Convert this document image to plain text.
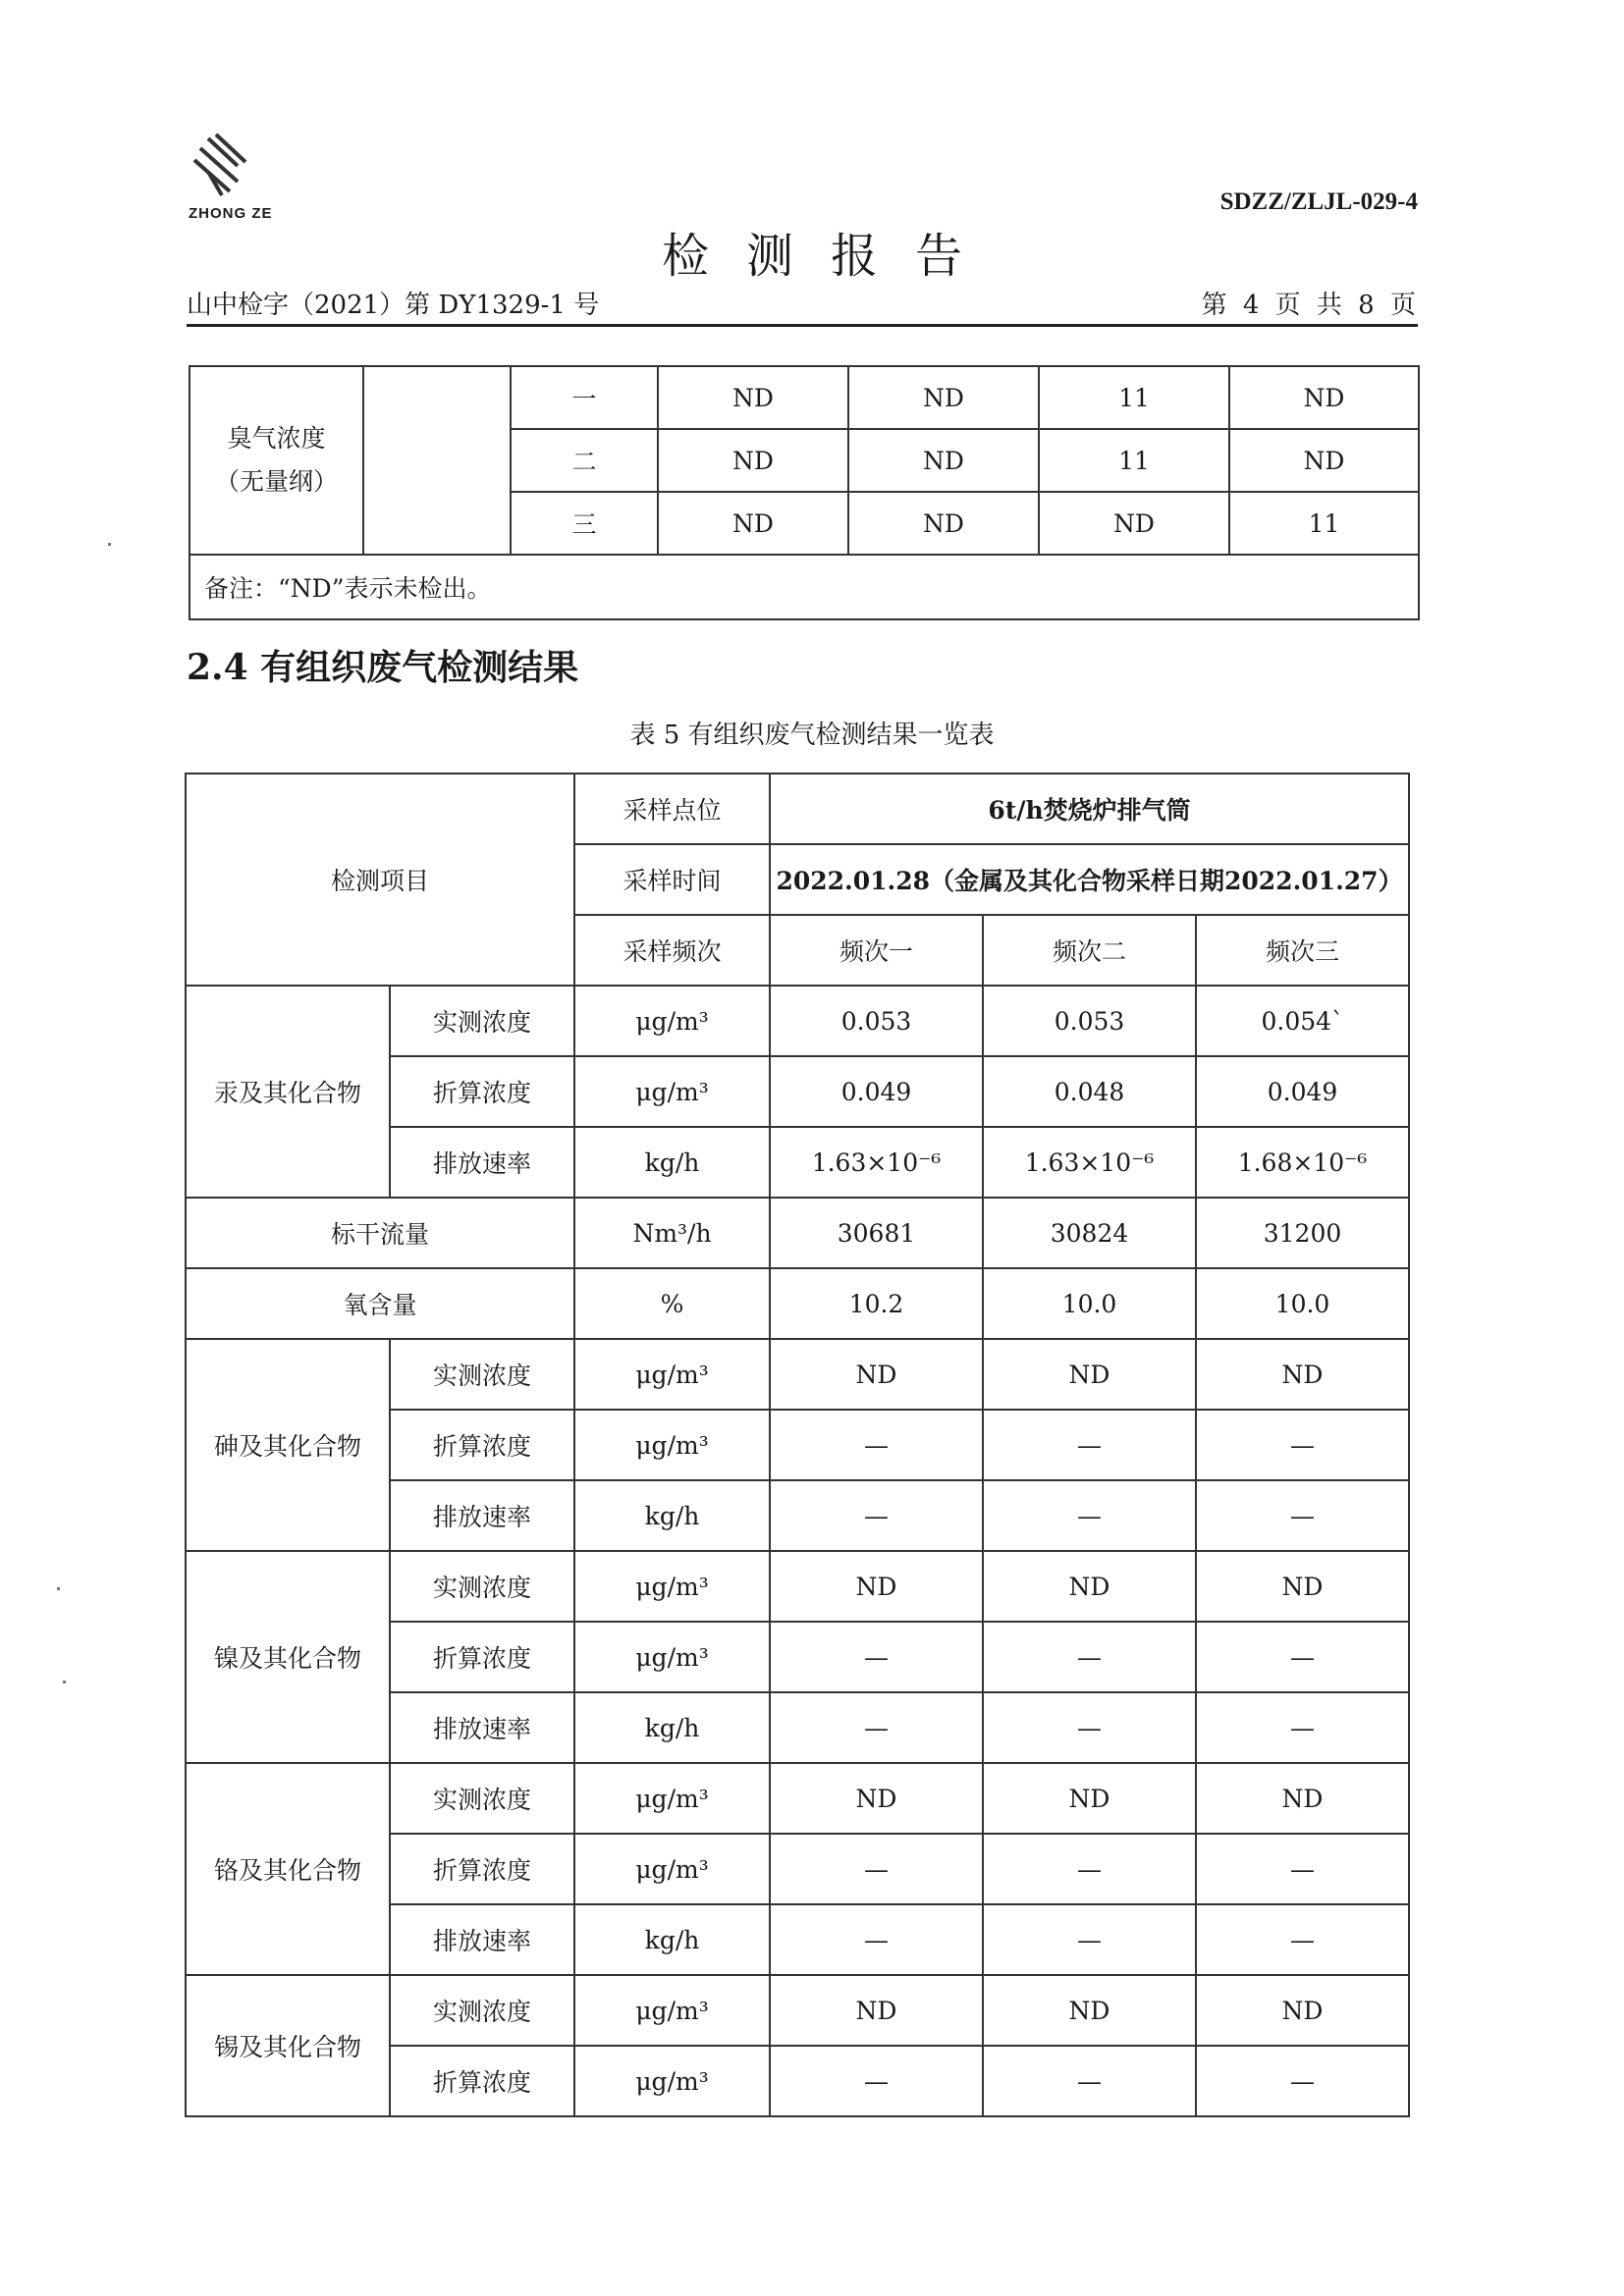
ZHONG ZE	SDZZ/ZLJL-029-4
检测报告
山中检字（2021）第 DY1329-1 号	第 4 页 共 8 页
臭气浓度
（无量纲）		一	ND	ND	11	ND
		二	ND	ND	11	ND
		三	ND	ND	ND	11
备注：“ND”表示未检出。						
2.4 有组织废气检测结果
表 5 有组织废气检测结果一览表
检测项目		采样点位	6t/h焚烧炉排气筒		
		采样时间	2022.01.28（金属及其化合物采样日期2022.01.27）		
		采样频次	频次一	频次二	频次三
汞及其化合物	实测浓度	μg/m³	0.053	0.053	0.054`
	折算浓度	μg/m³	0.049	0.048	0.049
	排放速率	kg/h	1.63×10⁻⁶	1.63×10⁻⁶	1.68×10⁻⁶
标干流量		Nm³/h	30681	30824	31200
氧含量		%	10.2	10.0	10.0
砷及其化合物	实测浓度	μg/m³	ND	ND	ND
	折算浓度	μg/m³	—	—	—
	排放速率	kg/h	—	—	—
镍及其化合物	实测浓度	μg/m³	ND	ND	ND
	折算浓度	μg/m³	—	—	—
	排放速率	kg/h	—	—	—
铬及其化合物	实测浓度	μg/m³	ND	ND	ND
	折算浓度	μg/m³	—	—	—
	排放速率	kg/h	—	—	—
锡及其化合物	实测浓度	μg/m³	ND	ND	ND
	折算浓度	μg/m³	—	—	—
